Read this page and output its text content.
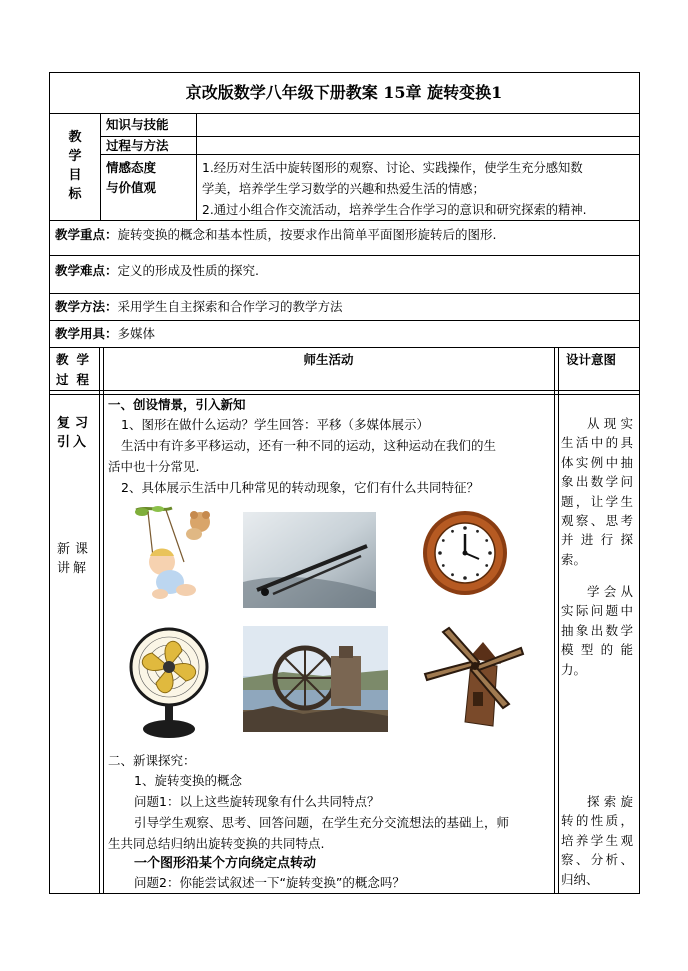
京改版数学八年级下册教案 15章 旋转变换1
教学目标
知识与技能
过程与方法
情感态度
与价值观
1.经历对生活中旋转图形的观察、讨论、实践操作，使学生充分感知数
学美，培养学生学习数学的兴趣和热爱生活的情感；
2.通过小组合作交流活动，培养学生合作学习的意识和研究探索的精神.
教学重点：旋转变换的概念和基本性质，按要求作出简单平面图形旋转后的图形.
教学难点：定义的形成及性质的探究.
教学方法：采用学生自主探索和合作学习的教学方法
教学用具：多媒体
教学
过程
师生活动	设计意图
复习引入
新课讲解
一、创设情景，引入新知
1、图形在做什么运动？学生回答：平移（多媒体展示）
生活中有许多平移运动，还有一种不同的运动，这种运动在我们的生
活中也十分常见.
2、具体展示生活中几种常见的转动现象，它们有什么共同特征？
二、新课探究：
1、旋转变换的概念
问题1：以上这些旋转现象有什么共同特点？
引导学生观察、思考、回答问题，在学生充分交流想法的基础上，师
生共同总结归纳出旋转变换的共同特点.
一个图形沿某个方向绕定点转动
问题2：你能尝试叙述一下“旋转变换”的概念吗？
从现实生活中的具体实例中抽象出数学问题，让学生观察、思考并进行探索。
学会从实际问题中抽象出数学模型的能力。
探索旋转的性质，培养学生观察、分析、归纳、
